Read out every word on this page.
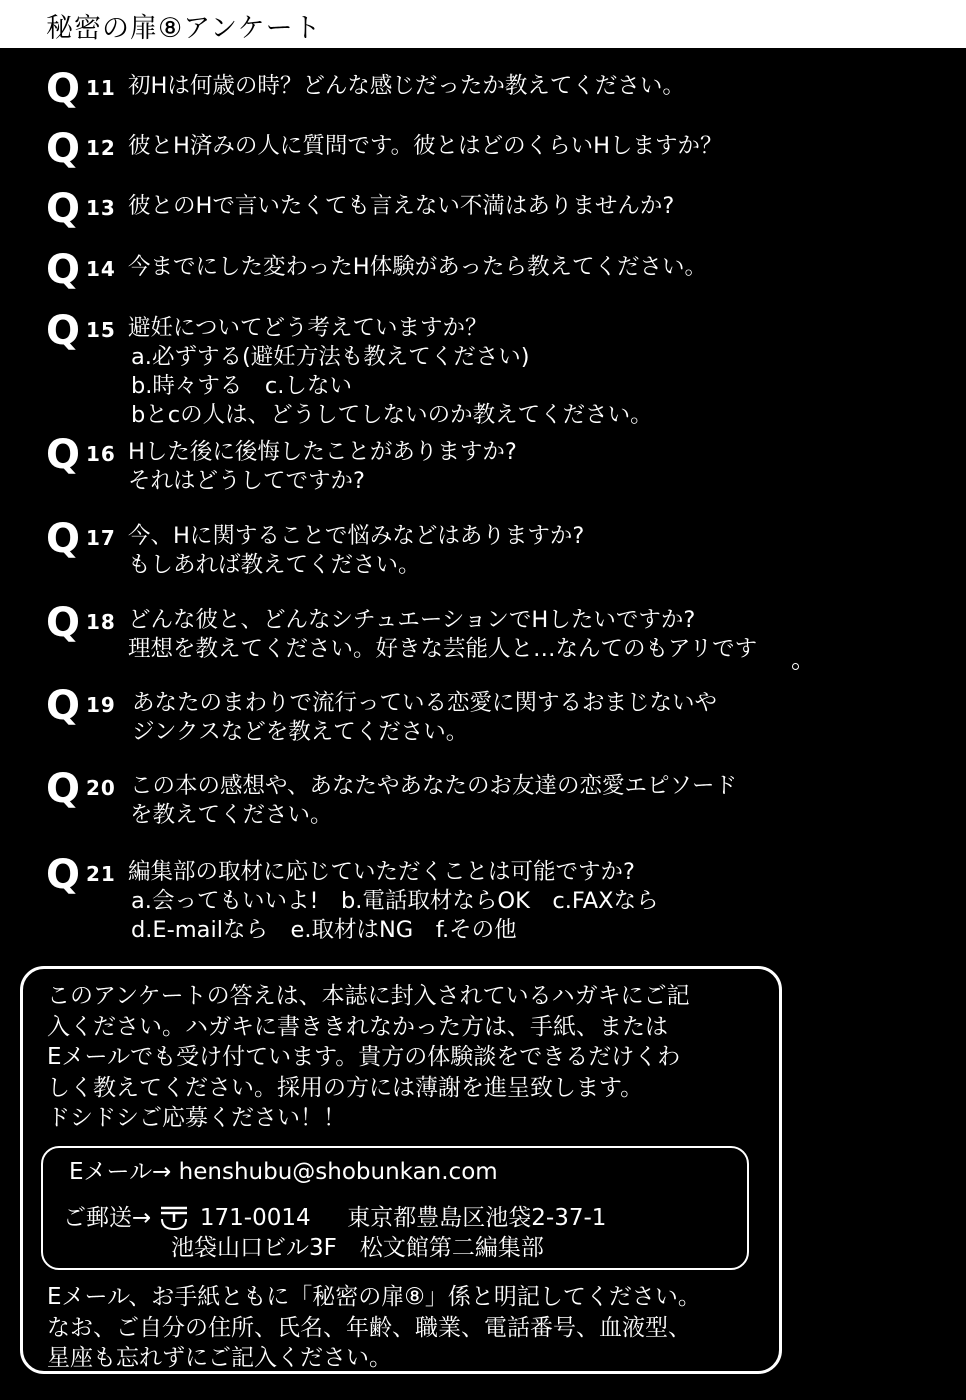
秘密の扉⑧アンケート
Q 11 初Hは何歳の時？どんな感じだったか教えてください。
Q 12 彼とH済みの人に質問です。彼とはどのくらいHしますか？
Q 13 彼とのHで言いたくても言えない不満はありませんか?
Q 14 今までにした変わったH体験があったら教えてください。
Q 15 避妊についてどう考えていますか？
a.必ずする(避妊方法も教えてください)
b.時々する　c.しない
bとcの人は、どうしてしないのか教えてください。
Q 16 Hした後に後悔したことがありますか?
それはどうしてですか?
Q 17 今、Hに関することで悩みなどはありますか?
もしあれば教えてください。
Q 18 どんな彼と、どんなシチュエーションでHしたいですか?
理想を教えてください。好きな芸能人と…なんてのもアリです
Q 19 あなたのまわりで流行っている恋愛に関するおまじないや
ジンクスなどを教えてください。
Q 20 この本の感想や、あなたやあなたのお友達の恋愛エピソード
を教えてください。
Q 21 編集部の取材に応じていただくことは可能ですか?
a.会ってもいいよ!　b.電話取材ならOK　c.FAXなら
d.E-mailなら　e.取材はNG　f.その他
このアンケートの答えは、本誌に封入されているハガキにご記
入ください。ハガキに書ききれなかった方は、手紙、または
Eメールでも受け付ています。貴方の体験談をできるだけくわ
しく教えてください。採用の方には薄謝を進呈致します。
ドシドシご応募ください！！
Eメール→ henshubu@shobunkan.com
ご郵送→ 171-0014 東京都豊島区池袋2-37-1
池袋山口ビル3F　松文館第二編集部
Eメール、お手紙ともに「秘密の扉⑧」係と明記してください。
なお、ご自分の住所、氏名、年齢、職業、電話番号、血液型、
星座も忘れずにご記入ください。
